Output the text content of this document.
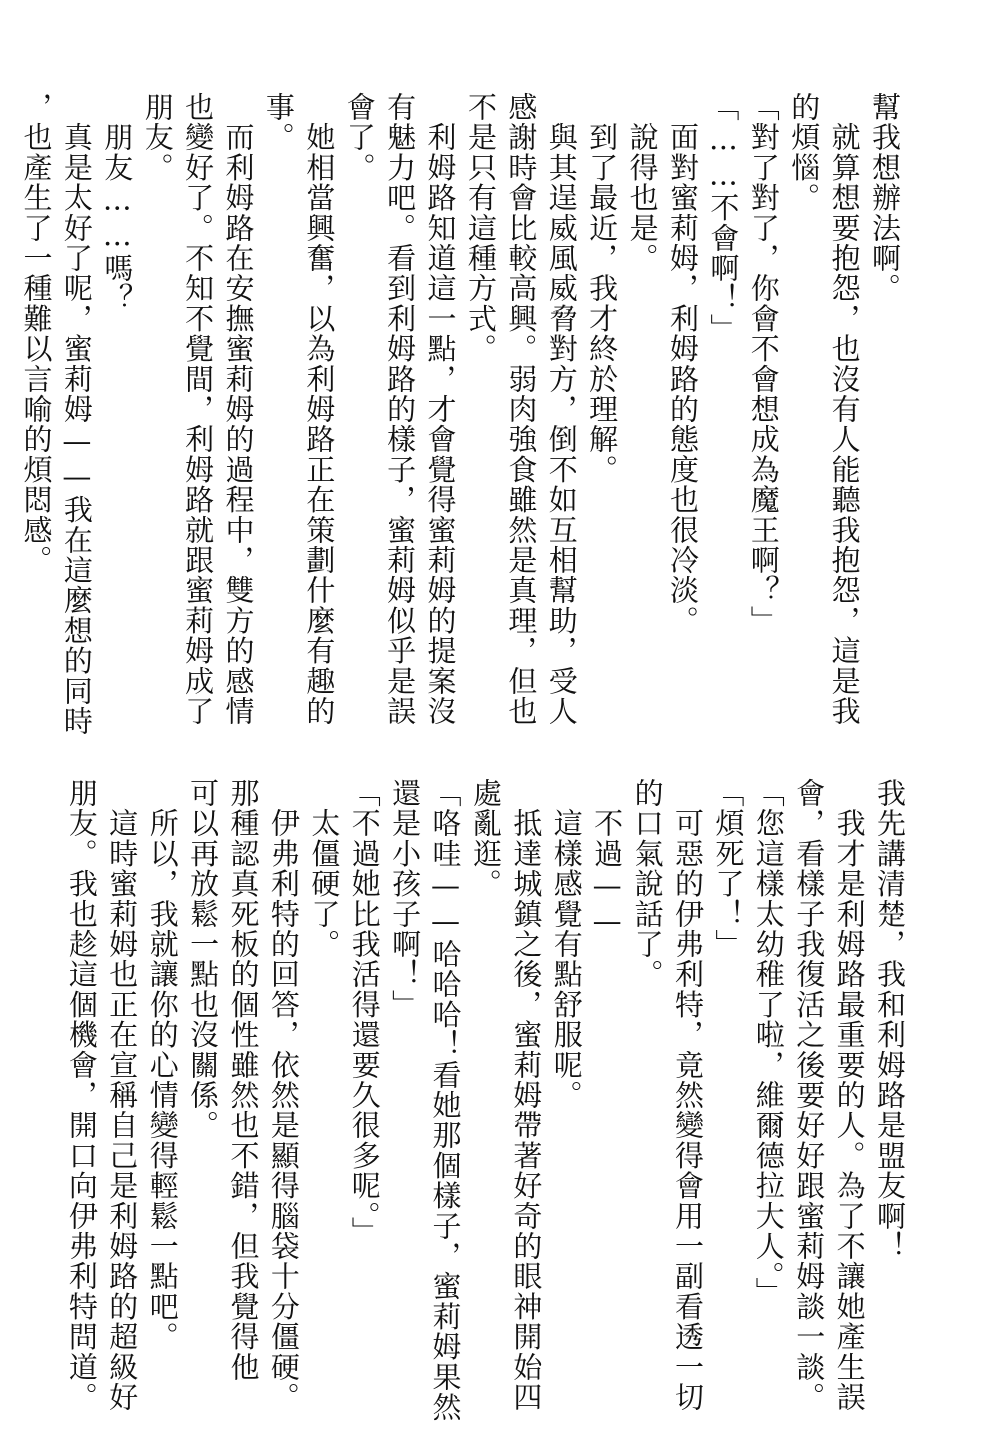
幫我想辦法啊。
　就算想要抱怨，也沒有人能聽我抱怨，這是我
的煩惱。
「對了對了，你會不會想成為魔王啊？」
「……不會啊！」
　面對蜜莉姆，利姆路的態度也很冷淡。
　說得也是。
　到了最近，我才終於理解。
　與其逞威風威脅對方，倒不如互相幫助，受人
感謝時會比較高興。弱肉強食雖然是真理，但也
不是只有這種方式。
　利姆路知道這一點，才會覺得蜜莉姆的提案沒
有魅力吧。看到利姆路的樣子，蜜莉姆似乎是誤
會了。
　她相當興奮，以為利姆路正在策劃什麼有趣的
事。
　而利姆路在安撫蜜莉姆的過程中，雙方的感情
也變好了。不知不覺間，利姆路就跟蜜莉姆成了
朋友。
　朋友……嗎？
　真是太好了呢，蜜莉姆——我在這麼想的同時
，也產生了一種難以言喻的煩悶感。
我先講清楚，我和利姆路是盟友啊！
　我才是利姆路最重要的人。為了不讓她產生誤
會，看樣子我復活之後要好好跟蜜莉姆談一談。
「您這樣太幼稚了啦，維爾德拉大人。」
「煩死了！」
　可惡的伊弗利特，竟然變得會用一副看透一切
的口氣說話了。
　不過——
　這樣感覺有點舒服呢。
　抵達城鎮之後，蜜莉姆帶著好奇的眼神開始四
處亂逛。
「咯哇——哈哈哈！看她那個樣子，蜜莉姆果然
還是小孩子啊！」
「不過她比我活得還要久很多呢。」
　太僵硬了。
　伊弗利特的回答，依然是顯得腦袋十分僵硬。
那種認真死板的個性雖然也不錯，但我覺得他
可以再放鬆一點也沒關係。
　所以，我就讓你的心情變得輕鬆一點吧。
　這時蜜莉姆也正在宣稱自己是利姆路的超級好
朋友。我也趁這個機會，開口向伊弗利特問道。
